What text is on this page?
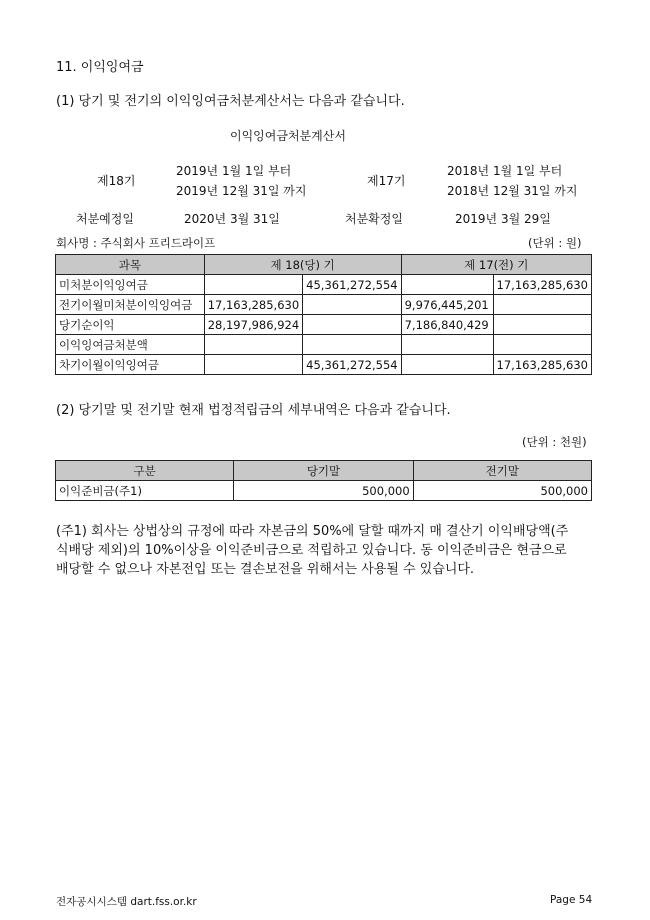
11. 이익잉여금
(1) 당기 및 전기의 이익잉여금처분계산서는 다음과 같습니다.
이익잉여금처분계산서
제18기
2019년 1월 1일 부터
2019년 12월 31일 까지
제17기
2018년 1월 1일 부터
2018년 12월 31일 까지
처분예정일	2020년 3월 31일	처분확정일	2019년 3월 29일
회사명 : 주식회사 프리드라이프	(단위 : 원)
과목	제 18(당) 기		제 17(전) 기	
미처분이익잉여금		45,361,272,554		17,163,285,630
전기이월미처분이익잉여금	17,163,285,630		9,976,445,201	
당기순이익	28,197,986,924		7,186,840,429	
이익잉여금처분액				
차기이월이익잉여금		45,361,272,554		17,163,285,630
(2) 당기말 및 전기말 현재 법정적립금의 세부내역은 다음과 같습니다.
(단위 : 천원)
구분	당기말	전기말
이익준비금(주1)	500,000	500,000
(주1) 회사는 상법상의 규정에 따라 자본금의 50%에 달할 때까지 매 결산기 이익배당액(주
식배당 제외)의 10%이상을 이익준비금으로 적립하고 있습니다. 동 이익준비금은 현금으로
배당할 수 없으나 자본전입 또는 결손보전을 위해서는 사용될 수 있습니다.
전자공시시스템 dart.fss.or.kr	Page 54
